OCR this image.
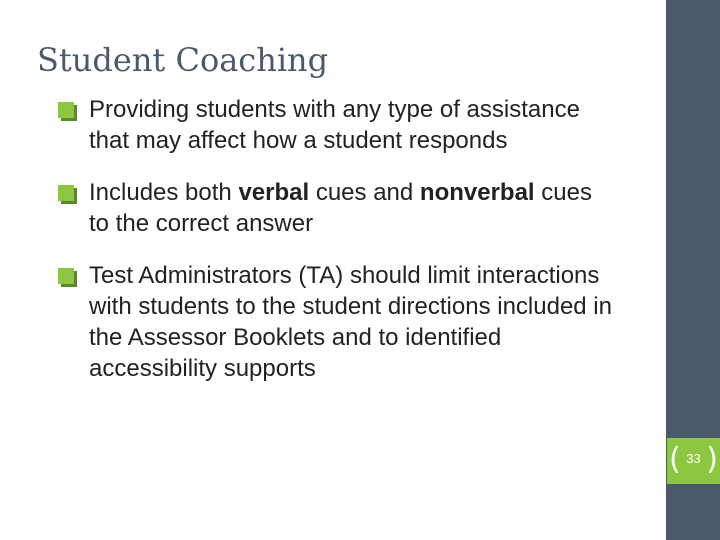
Student Coaching
Providing students with any type of assistance that may affect how a student responds
Includes both verbal cues and nonverbal cues to the correct answer
Test Administrators (TA) should limit interactions with students to the student directions included in the Assessor Booklets and to identified accessibility supports
( 33 )
